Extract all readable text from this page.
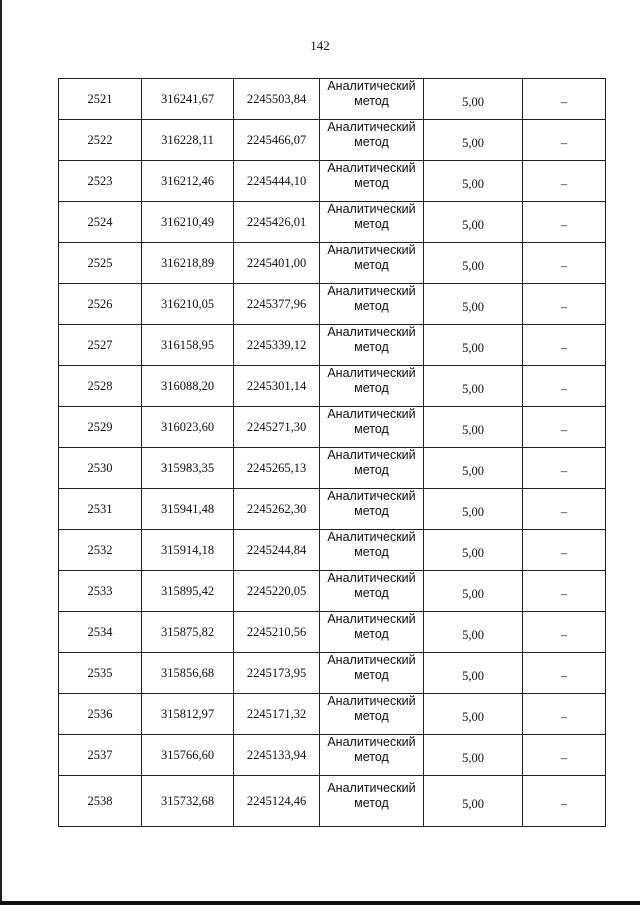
142
2521	316241,67	2245503,84	Аналитический метод	5,00	–
2522	316228,11	2245466,07	Аналитический метод	5,00	–
2523	316212,46	2245444,10	Аналитический метод	5,00	–
2524	316210,49	2245426,01	Аналитический метод	5,00	–
2525	316218,89	2245401,00	Аналитический метод	5,00	–
2526	316210,05	2245377,96	Аналитический метод	5,00	–
2527	316158,95	2245339,12	Аналитический метод	5,00	–
2528	316088,20	2245301,14	Аналитический метод	5,00	–
2529	316023,60	2245271,30	Аналитический метод	5,00	–
2530	315983,35	2245265,13	Аналитический метод	5,00	–
2531	315941,48	2245262,30	Аналитический метод	5,00	–
2532	315914,18	2245244,84	Аналитический метод	5,00	–
2533	315895,42	2245220,05	Аналитический метод	5,00	–
2534	315875,82	2245210,56	Аналитический метод	5,00	–
2535	315856,68	2245173,95	Аналитический метод	5,00	–
2536	315812,97	2245171,32	Аналитический метод	5,00	–
2537	315766,60	2245133,94	Аналитический метод	5,00	–
2538	315732,68	2245124,46	Аналитический метод	5,00	–
